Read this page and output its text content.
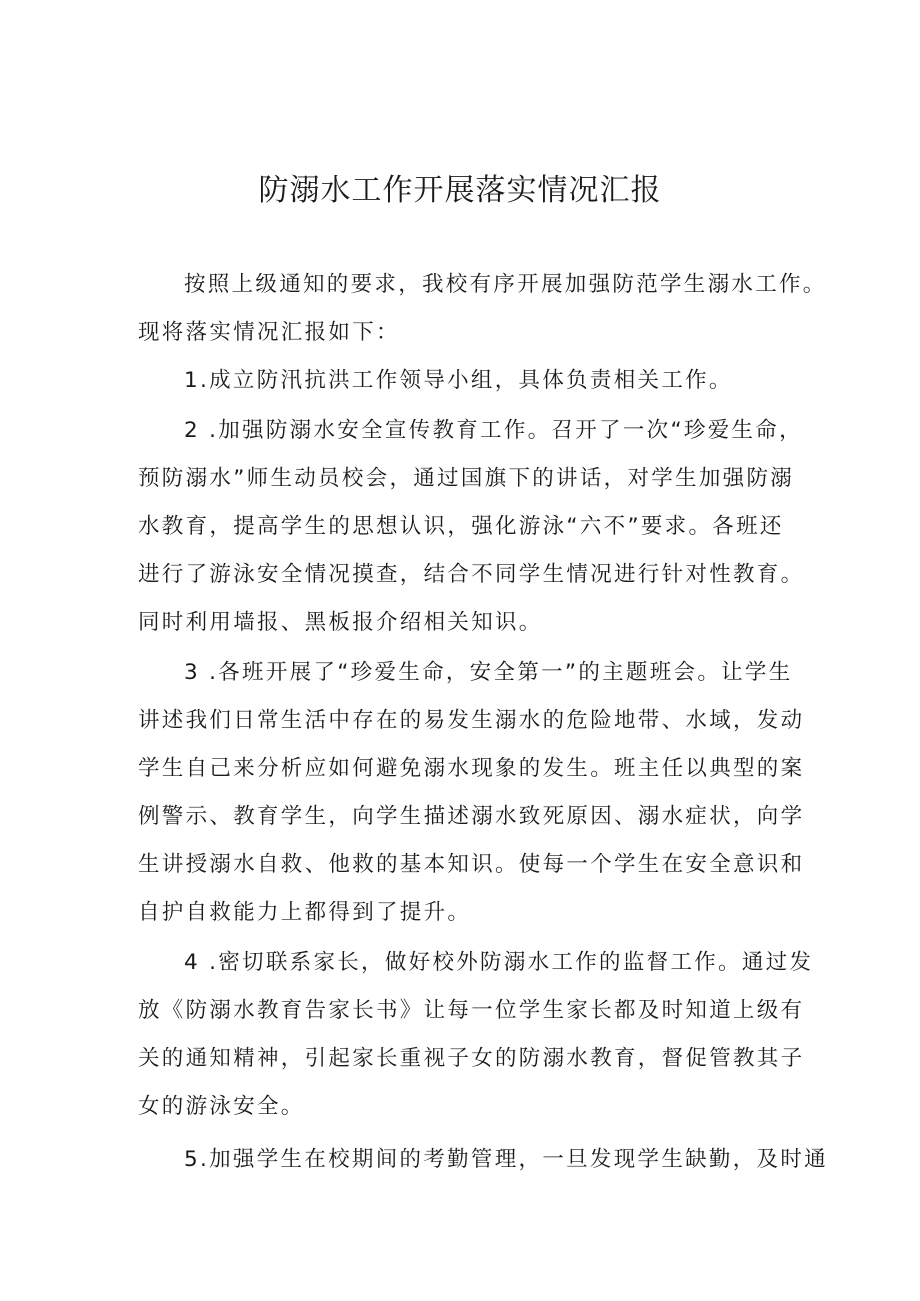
防溺水工作开展落实情况汇报

按照上级通知的要求，我校有序开展加强防范学生溺水工作。

现将落实情况汇报如下：

1.成立防汛抗洪工作领导小组，具体负责相关工作。

2 .加强防溺水安全宣传教育工作。召开了一次“珍爱生命，

预防溺水”师生动员校会，通过国旗下的讲话，对学生加强防溺

水教育，提高学生的思想认识，强化游泳“六不”要求。各班还

进行了游泳安全情况摸查，结合不同学生情况进行针对性教育。

同时利用墙报、黑板报介绍相关知识。

3 .各班开展了“珍爱生命，安全第一”的主题班会。让学生

讲述我们日常生活中存在的易发生溺水的危险地带、水域，发动

学生自己来分析应如何避免溺水现象的发生。班主任以典型的案

例警示、教育学生，向学生描述溺水致死原因、溺水症状，向学

生讲授溺水自救、他救的基本知识。使每一个学生在安全意识和

自护自救能力上都得到了提升。

4 .密切联系家长，做好校外防溺水工作的监督工作。通过发

放《防溺水教育告家长书》让每一位学生家长都及时知道上级有

关的通知精神，引起家长重视子女的防溺水教育，督促管教其子

女的游泳安全。

5.加强学生在校期间的考勤管理，一旦发现学生缺勤，及时通
